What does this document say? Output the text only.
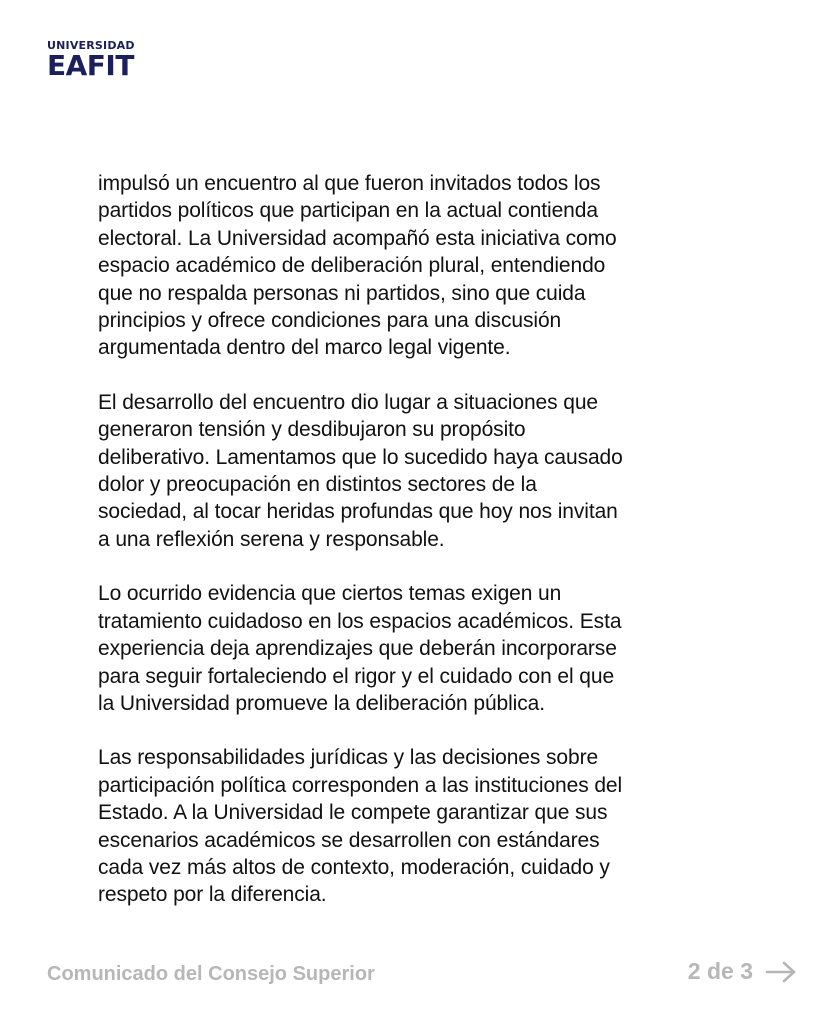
UNIVERSIDAD
EAFIT

impulsó un encuentro al que fueron invitados todos los
partidos políticos que participan en la actual contienda
electoral. La Universidad acompañó esta iniciativa como
espacio académico de deliberación plural, entendiendo
que no respalda personas ni partidos, sino que cuida
principios y ofrece condiciones para una discusión
argumentada dentro del marco legal vigente.

El desarrollo del encuentro dio lugar a situaciones que
generaron tensión y desdibujaron su propósito
deliberativo. Lamentamos que lo sucedido haya causado
dolor y preocupación en distintos sectores de la
sociedad, al tocar heridas profundas que hoy nos invitan
a una reflexión serena y responsable.

Lo ocurrido evidencia que ciertos temas exigen un
tratamiento cuidadoso en los espacios académicos. Esta
experiencia deja aprendizajes que deberán incorporarse
para seguir fortaleciendo el rigor y el cuidado con el que
la Universidad promueve la deliberación pública.

Las responsabilidades jurídicas y las decisiones sobre
participación política corresponden a las instituciones del
Estado. A la Universidad le compete garantizar que sus
escenarios académicos se desarrollen con estándares
cada vez más altos de contexto, moderación, cuidado y
respeto por la diferencia.

Comunicado del Consejo Superior	2 de 3
